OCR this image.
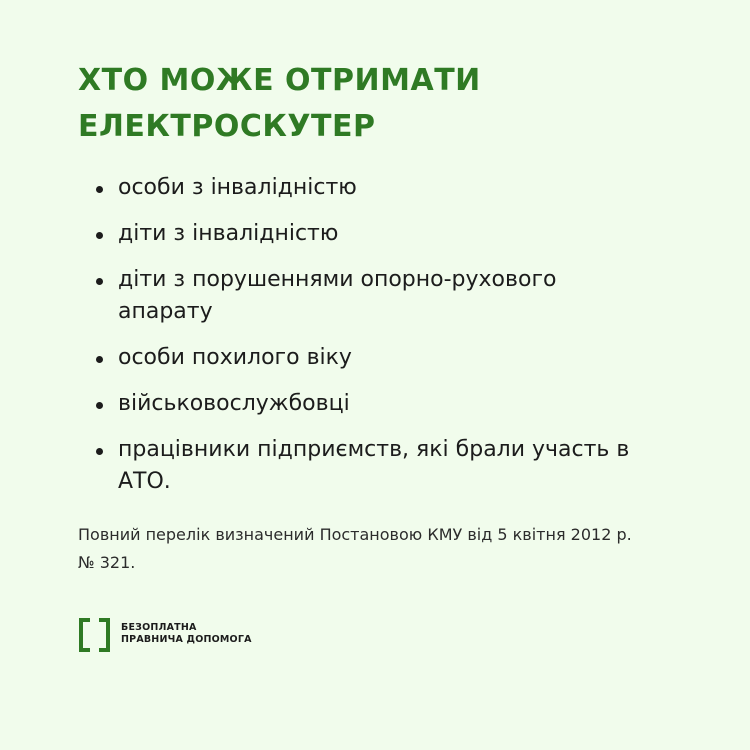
ХТО МОЖЕ ОТРИМАТИ
ЕЛЕКТРОСКУТЕР
особи з інвалідністю
діти з інвалідністю
діти з порушеннями опорно-рухового апарату
особи похилого віку
військовослужбовці
працівники підприємств, які брали участь в АТО.

Повний перелік визначений Постановою КМУ від 5 квітня 2012 р. № 321.

БЕЗОПЛАТНА
ПРАВНИЧА ДОПОМОГА
